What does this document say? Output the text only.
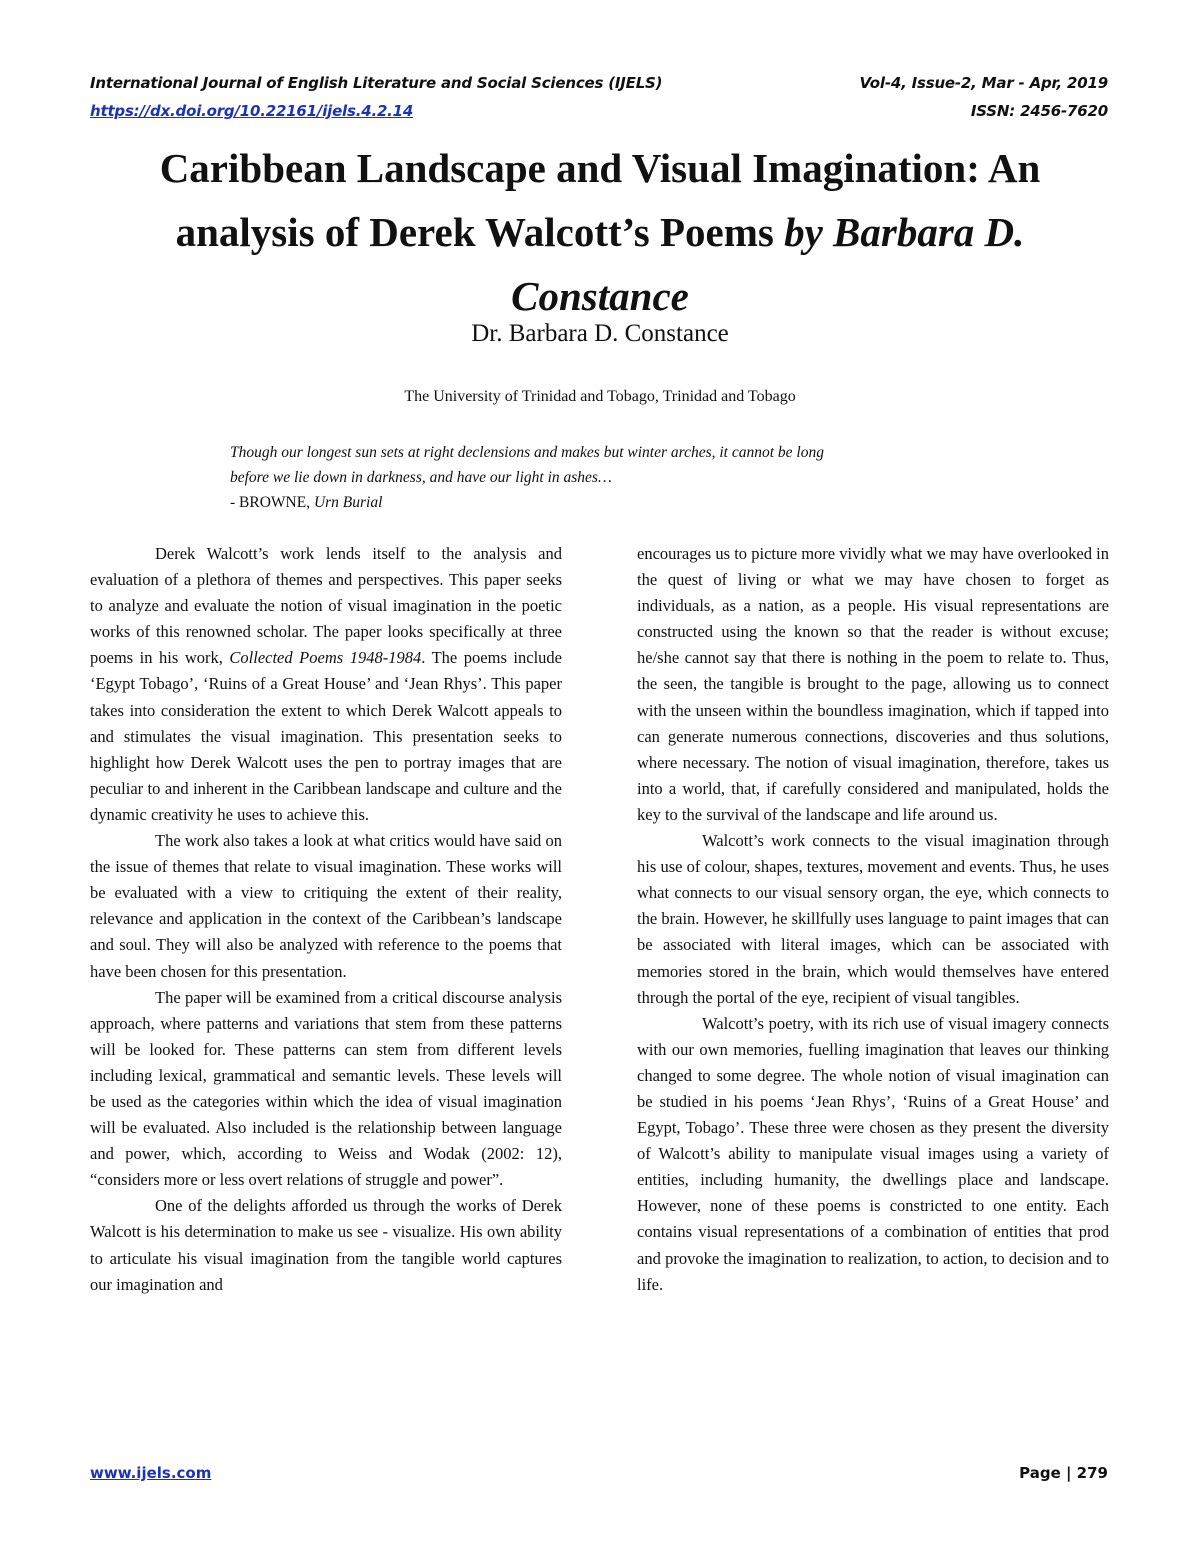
International Journal of English Literature and Social Sciences (IJELS)	Vol-4, Issue-2, Mar - Apr, 2019
https://dx.doi.org/10.22161/ijels.4.2.14	ISSN: 2456-7620
Caribbean Landscape and Visual Imagination: An
analysis of Derek Walcott’s Poems by Barbara D.
Constance
Dr. Barbara D. Constance
The University of Trinidad and Tobago, Trinidad and Tobago
Though our longest sun sets at right declensions and makes but winter arches, it cannot be long
before we lie down in darkness, and have our light in ashes…
- BROWNE, Urn Burial

Derek Walcott’s work lends itself to the analysis and evaluation of a plethora of themes and perspectives. This paper seeks to analyze and evaluate the notion of visual imagination in the poetic works of this renowned scholar. The paper looks specifically at three poems in his work, Collected Poems 1948-1984. The poems include ‘Egypt Tobago’, ‘Ruins of a Great House’ and ‘Jean Rhys’. This paper takes into consideration the extent to which Derek Walcott appeals to and stimulates the visual imagination. This presentation seeks to highlight how Derek Walcott uses the pen to portray images that are peculiar to and inherent in the Caribbean landscape and culture and the dynamic creativity he uses to achieve this.

The work also takes a look at what critics would have said on the issue of themes that relate to visual imagination. These works will be evaluated with a view to critiquing the extent of their reality, relevance and application in the context of the Caribbean’s landscape and soul. They will also be analyzed with reference to the poems that have been chosen for this presentation.

The paper will be examined from a critical discourse analysis approach, where patterns and variations that stem from these patterns will be looked for. These patterns can stem from different levels including lexical, grammatical and semantic levels. These levels will be used as the categories within which the idea of visual imagination will be evaluated. Also included is the relationship between language and power, which, according to Weiss and Wodak (2002: 12), “considers more or less overt relations of struggle and power”.

One of the delights afforded us through the works of Derek Walcott is his determination to make us see - visualize. His own ability to articulate his visual imagination from the tangible world captures our imagination and

encourages us to picture more vividly what we may have overlooked in the quest of living or what we may have chosen to forget as individuals, as a nation, as a people. His visual representations are constructed using the known so that the reader is without excuse; he/she cannot say that there is nothing in the poem to relate to. Thus, the seen, the tangible is brought to the page, allowing us to connect with the unseen within the boundless imagination, which if tapped into can generate numerous connections, discoveries and thus solutions, where necessary. The notion of visual imagination, therefore, takes us into a world, that, if carefully considered and manipulated, holds the key to the survival of the landscape and life around us.

Walcott’s work connects to the visual imagination through his use of colour, shapes, textures, movement and events. Thus, he uses what connects to our visual sensory organ, the eye, which connects to the brain. However, he skillfully uses language to paint images that can be associated with literal images, which can be associated with memories stored in the brain, which would themselves have entered through the portal of the eye, recipient of visual tangibles.

Walcott’s poetry, with its rich use of visual imagery connects with our own memories, fuelling imagination that leaves our thinking changed to some degree. The whole notion of visual imagination can be studied in his poems ‘Jean Rhys’, ‘Ruins of a Great House’ and Egypt, Tobago’. These three were chosen as they present the diversity of Walcott’s ability to manipulate visual images using a variety of entities, including humanity, the dwellings place and landscape. However, none of these poems is constricted to one entity. Each contains visual representations of a combination of entities that prod and provoke the imagination to realization, to action, to decision and to life.

www.ijels.com	Page | 279
